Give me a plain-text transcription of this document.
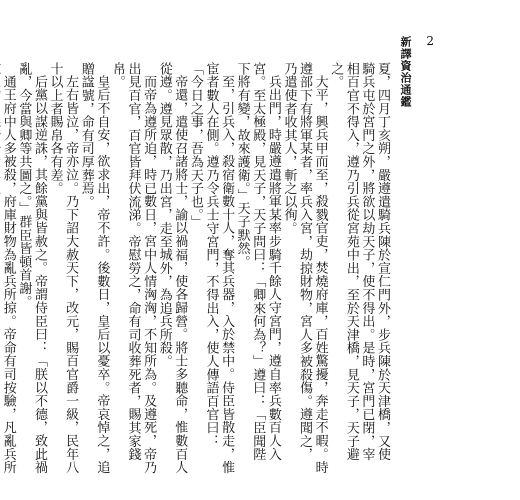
新譯資治通鑑 2

夏，四月丁亥朔，嚴遵遣騎兵陳於宣仁門外，步兵陳於天津橋，又使騎兵屯於宮門之外，將欲以劫天子，使不得出。是時，宮門已閉，宰相百官不得入，遵乃引兵從宮苑中出，至於天津橋，見天子，天子避之。

大平，興兵甲而至，殺戮官吏，焚燒府庫，百姓驚擾，奔走不暇。時遵部下有將軍某者，率兵入宮，劫掠財物，宮人多被殺傷。遵聞之，乃遣使者收其人，斬之以徇。

兵出門，時嚴遵遣將軍某率步騎千餘人守宮門，遵自率兵數百人入宮。至太極殿，見天子，天子問曰：「卿來何為？」遵曰：「臣聞陛下將有變，故來護衛。」天子默然。

至，引兵入，殺宿衛數十人，奪其兵器，入於禁中。侍臣皆散走，惟宦者數人在側。遵乃令兵士守宮門，不得出入，使人傳語百官曰：「今日之事，吾為天子也。」

帝還，遣使召諸將士，諭以禍福，使各歸營。將士多聽命，惟數百人從遵。遵見眾散，乃出宮，走至城外，為追兵所殺。

而帝為遵所迫，時已數日，宮中人情洶洶，不知所為。及遵死，帝乃出見百官，百官皆拜伏流涕。帝慰勞之，命有司收葬死者，賜其家錢帛。

皇后不自安，欲求出，帝不許。後數日，皇后以憂卒。帝哀悼之，追贈諡號，命有司厚葬焉。

左右皆泣，帝亦泣。乃下詔大赦天下，改元，賜百官爵一級，民年八十以上者賜帛各有差。

后黨以謀逆誅，其餘黨與皆赦之。帝謂侍臣曰：「朕以不德，致此禍亂，今當與卿等共圖之。」群臣皆頓首謝。

通王府中人多被殺，府庫財物為亂兵所掠。帝命有司按驗，凡亂兵所
